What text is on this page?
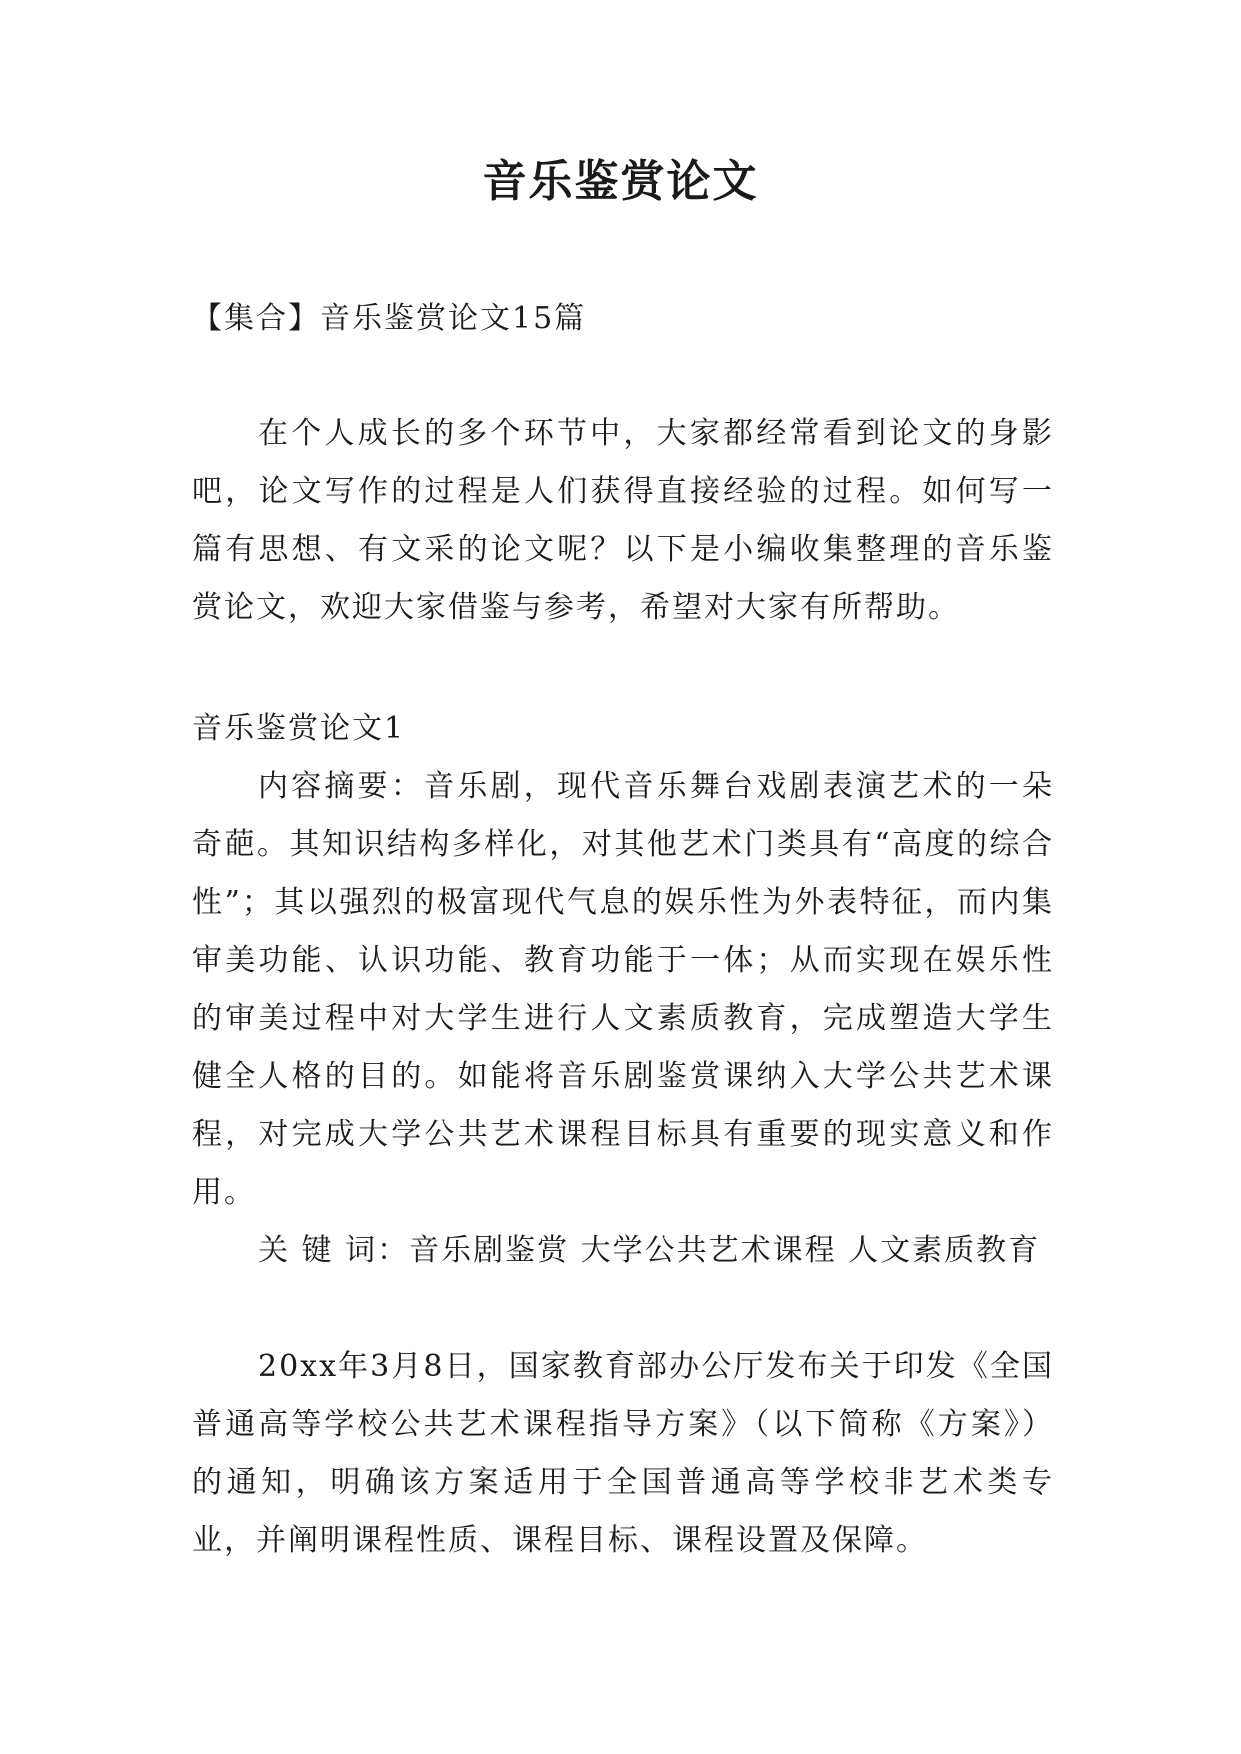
音乐鉴赏论文

【集合】音乐鉴赏论文15篇

在个人成长的多个环节中，大家都经常看到论文的身影吧，论文写作的过程是人们获得直接经验的过程。如何写一篇有思想、有文采的论文呢？以下是小编收集整理的音乐鉴赏论文，欢迎大家借鉴与参考，希望对大家有所帮助。

音乐鉴赏论文1

内容摘要：音乐剧，现代音乐舞台戏剧表演艺术的一朵奇葩。其知识结构多样化，对其他艺术门类具有“高度的综合性”；其以强烈的极富现代气息的娱乐性为外表特征，而内集审美功能、认识功能、教育功能于一体；从而实现在娱乐性的审美过程中对大学生进行人文素质教育，完成塑造大学生健全人格的目的。如能将音乐剧鉴赏课纳入大学公共艺术课程，对完成大学公共艺术课程目标具有重要的现实意义和作用。

关 键 词：音乐剧鉴赏 大学公共艺术课程 人文素质教育

20xx年3月8日，国家教育部办公厅发布关于印发《全国普通高等学校公共艺术课程指导方案》（以下简称《方案》）的通知，明确该方案适用于全国普通高等学校非艺术类专业，并阐明课程性质、课程目标、课程设置及保障。
